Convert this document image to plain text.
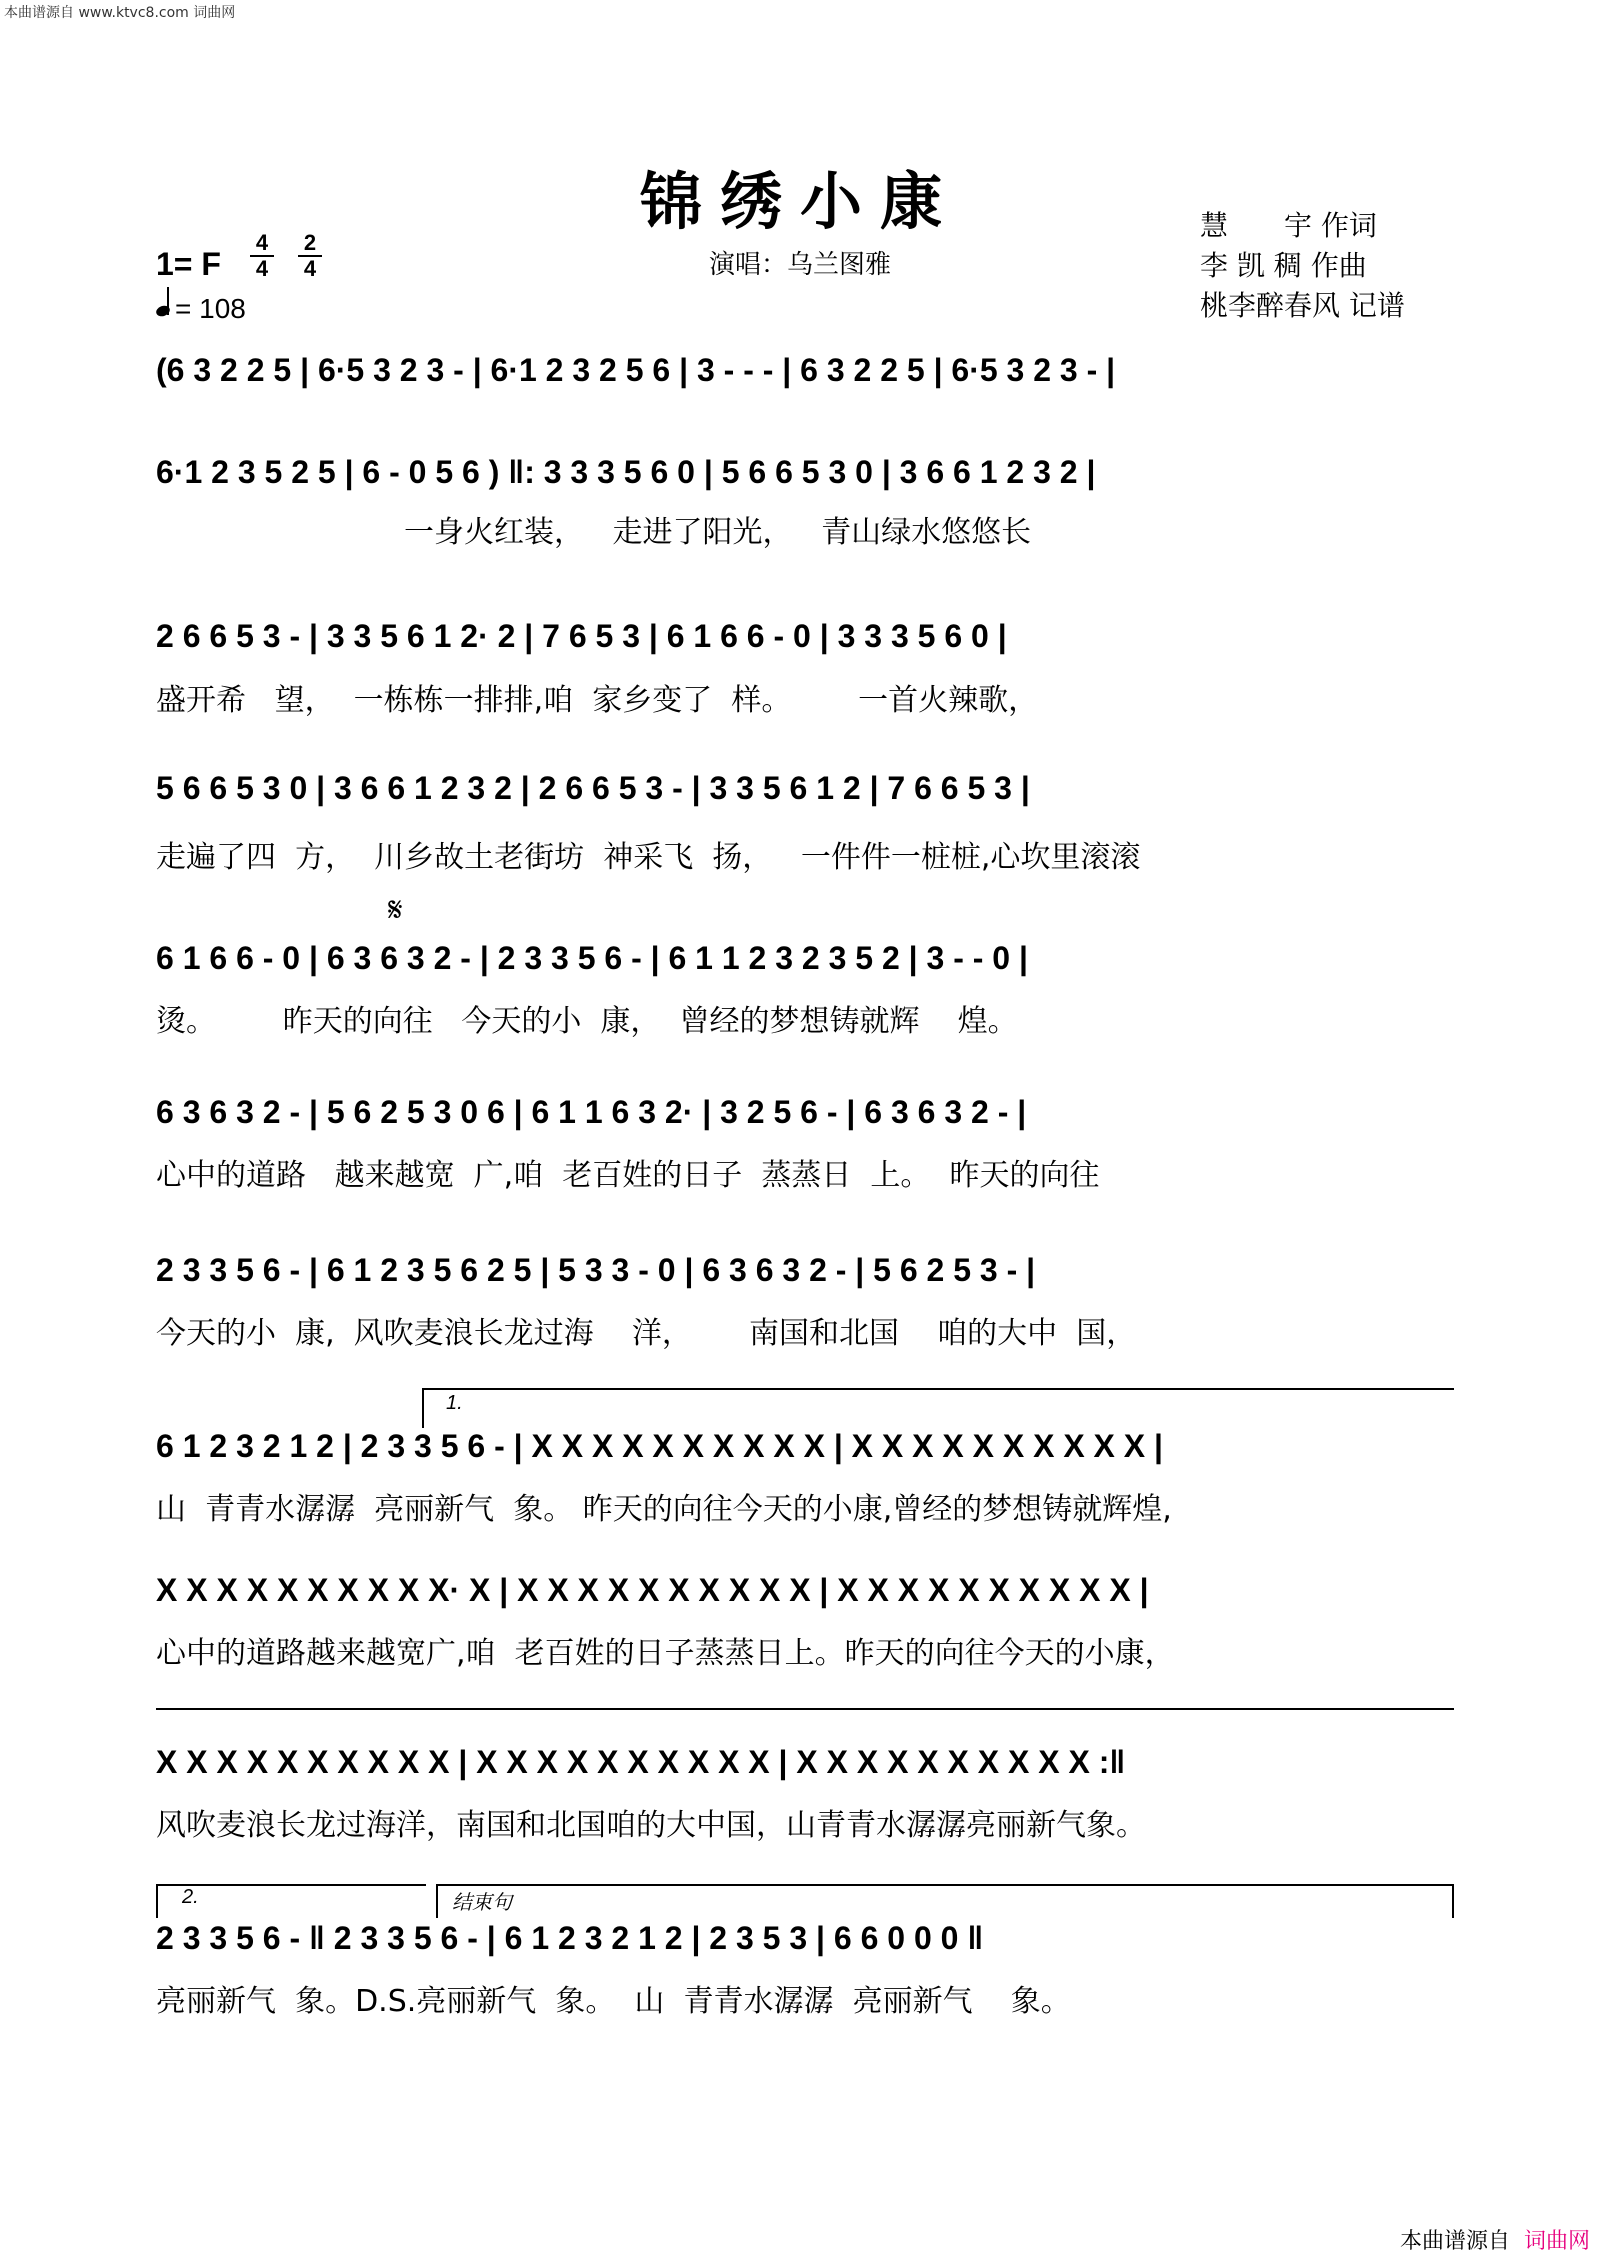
本曲谱源自 www.ktvc8.com 词曲网
锦绣小康
演唱：乌兰图雅
慧　　宇 作词
李 凯 稠 作曲
桃李醉春风 记谱
1= F
4
4
2
4
= 108
(6 3 2 2 5 | 6·5 3 2 3 - | 6·1 2 3 2 5 6 | 3 - - - | 6 3 2 2 5 | 6·5 3 2 3 - |
6·1 2 3 5 2 5 | 6 - 0 5 6 ) ‖: 3 3 3 5 6 0 | 5 6 6 5 3 0 | 3 6 6 1 2 3 2 |
一身火红装，   走进了阳光，   青山绿水悠悠长
2 6 6 5 3 - | 3 3 5 6 1 2· 2 | 7 6 5 3 | 6 1 6 6 - 0 | 3 3 3 5 6 0 |
盛开希   望，  一栋栋一排排,咱  家乡变了  样。       一首火辣歌，
5 6 6 5 3 0 | 3 6 6 1 2 3 2 | 2 6 6 5 3 - | 3 3 5 6 1 2 | 7 6 6 5 3 |
走遍了四  方，  川乡故土老街坊  神采飞  扬，   一件件一桩桩,心坎里滚滚
𝄋
6 1 6 6 - 0 | 6 3 6 3 2 - | 2 3 3 5 6 - | 6 1 1 2 3 2 3 5 2 | 3 - - 0 |
烫。       昨天的向往   今天的小  康，  曾经的梦想铸就辉    煌。
6 3 6 3 2 - | 5 6 2 5 3 0 6 | 6 1 1 6 3 2· | 3 2 5 6 - | 6 3 6 3 2 - |
心中的道路   越来越宽  广,咱  老百姓的日子  蒸蒸日  上。  昨天的向往
2 3 3 5 6 - | 6 1 2 3 5 6 2 5 | 5 3 3 - 0 | 6 3 6 3 2 - | 5 6 2 5 3 - |
今天的小  康,  风吹麦浪长龙过海    洋，      南国和北国    咱的大中  国，
1.
6 1 2 3 2 1 2 | 2 3 3 5 6 - | X X X X X X X X X X | X X X X X X X X X X |
山  青青水潺潺  亮丽新气  象。 昨天的向往今天的小康,曾经的梦想铸就辉煌,
X X X X X X X X X X· X | X X X X X X X X X X | X X X X X X X X X X |
心中的道路越来越宽广,咱  老百姓的日子蒸蒸日上。昨天的向往今天的小康，
X X X X X X X X X X | X X X X X X X X X X | X X X X X X X X X X :‖
风吹麦浪长龙过海洋，南国和北国咱的大中国，山青青水潺潺亮丽新气象。
2.	结束句
2 3 3 5 6 - ‖ 2 3 3 5 6 - | 6 1 2 3 2 1 2 | 2 3 5 3 | 6 6 0 0 0 ‖
亮丽新气  象。D.S.亮丽新气  象。  山  青青水潺潺  亮丽新气    象。
本曲谱源自 词曲网
